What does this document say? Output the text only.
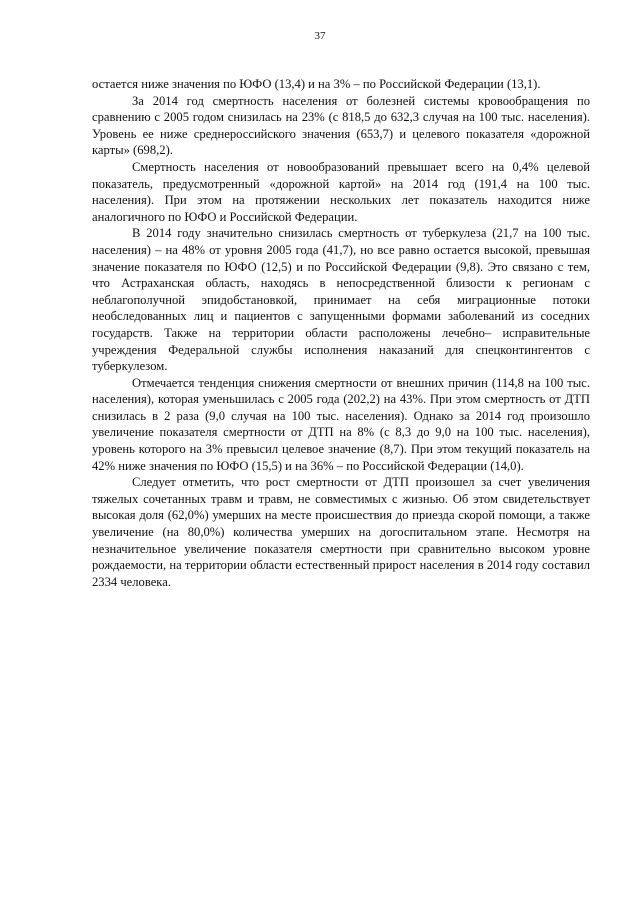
37

остается ниже значения по ЮФО (13,4) и на 3% – по Российской Федерации (13,1).

За 2014 год смертность населения от болезней системы кровообращения по сравнению с 2005 годом снизилась на 23% (с 818,5 до 632,3 случая на 100 тыс. населения). Уровень ее ниже среднероссийского значения (653,7) и целевого показателя «дорожной карты» (698,2).

Смертность населения от новообразований превышает всего на 0,4% целевой показатель, предусмотренный «дорожной картой» на 2014 год (191,4 на 100 тыс. населения). При этом на протяжении нескольких лет показатель находится ниже аналогичного по ЮФО и Российской Федерации.

В 2014 году значительно снизилась смертность от туберкулеза (21,7 на 100 тыс. населения) – на 48% от уровня 2005 года (41,7), но все равно остается высокой, превышая значение показателя по ЮФО (12,5) и по Российской Федерации (9,8). Это связано с тем, что Астраханская область, находясь в непосредственной близости к регионам с неблагополучной эпидобстановкой, принимает на себя миграционные потоки необследованных лиц и пациентов с запущенными формами заболеваний из соседних государств. Также на территории области расположены лечебно– исправительные учреждения Федеральной службы исполнения наказаний для спецконтингентов с туберкулезом.

Отмечается тенденция снижения смертности от внешних причин (114,8 на 100 тыс. населения), которая уменьшилась с 2005 года (202,2) на 43%. При этом смертность от ДТП снизилась в 2 раза (9,0 случая на 100 тыс. населения). Однако за 2014 год произошло увеличение показателя смертности от ДТП на 8% (с 8,3 до 9,0 на 100 тыс. населения), уровень которого на 3% превысил целевое значение (8,7). При этом текущий показатель на 42% ниже значения по ЮФО (15,5) и на 36% – по Российской Федерации (14,0).

Следует отметить, что рост смертности от ДТП произошел за счет увеличения тяжелых сочетанных травм и травм, не совместимых с жизнью. Об этом свидетельствует высокая доля (62,0%) умерших на месте происшествия до приезда скорой помощи, а также увеличение (на 80,0%) количества умерших на догоспитальном этапе. Несмотря на незначительное увеличение показателя смертности при сравнительно высоком уровне рождаемости, на территории области естественный прирост населения в 2014 году составил 2334 человека.
